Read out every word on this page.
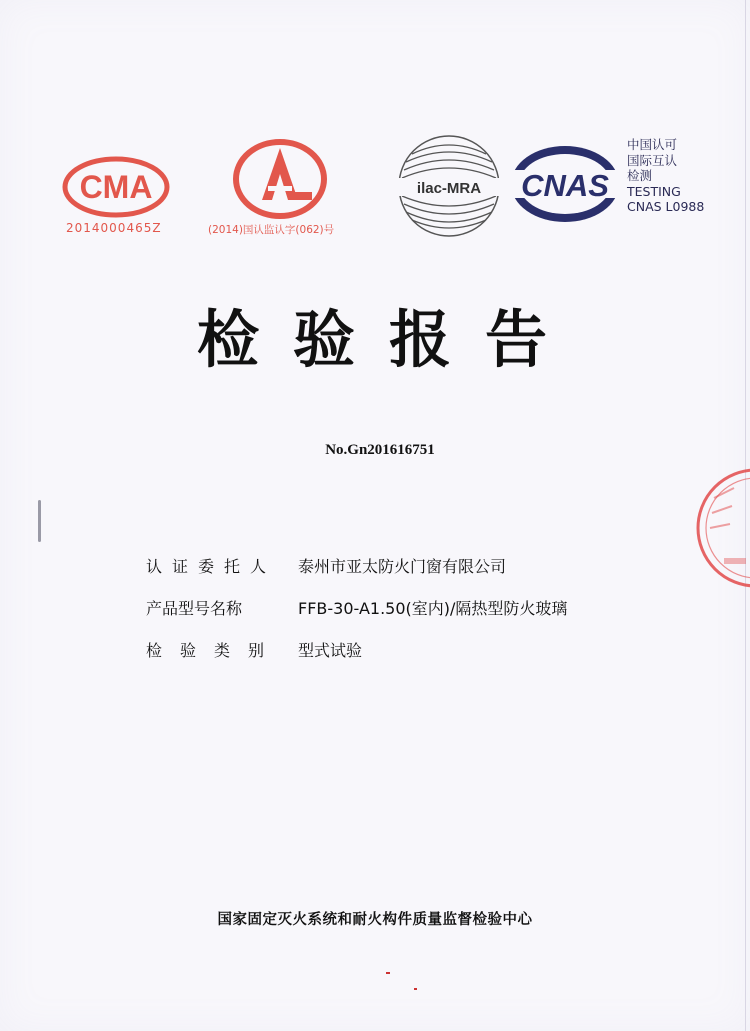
CMA
2014000465Z	(2014)国认监认字(062)号
ilac-MRA CNAS
中国认可
国际互认
检测
TESTING
CNAS L0988
检验报告
No.Gn201616751
认证委托人	泰州市亚太防火门窗有限公司
产品型号名称	FFB-30-A1.50(室内)/隔热型防火玻璃
检验类别 型式试验
国家固定灭火系统和耐火构件质量监督检验中心
